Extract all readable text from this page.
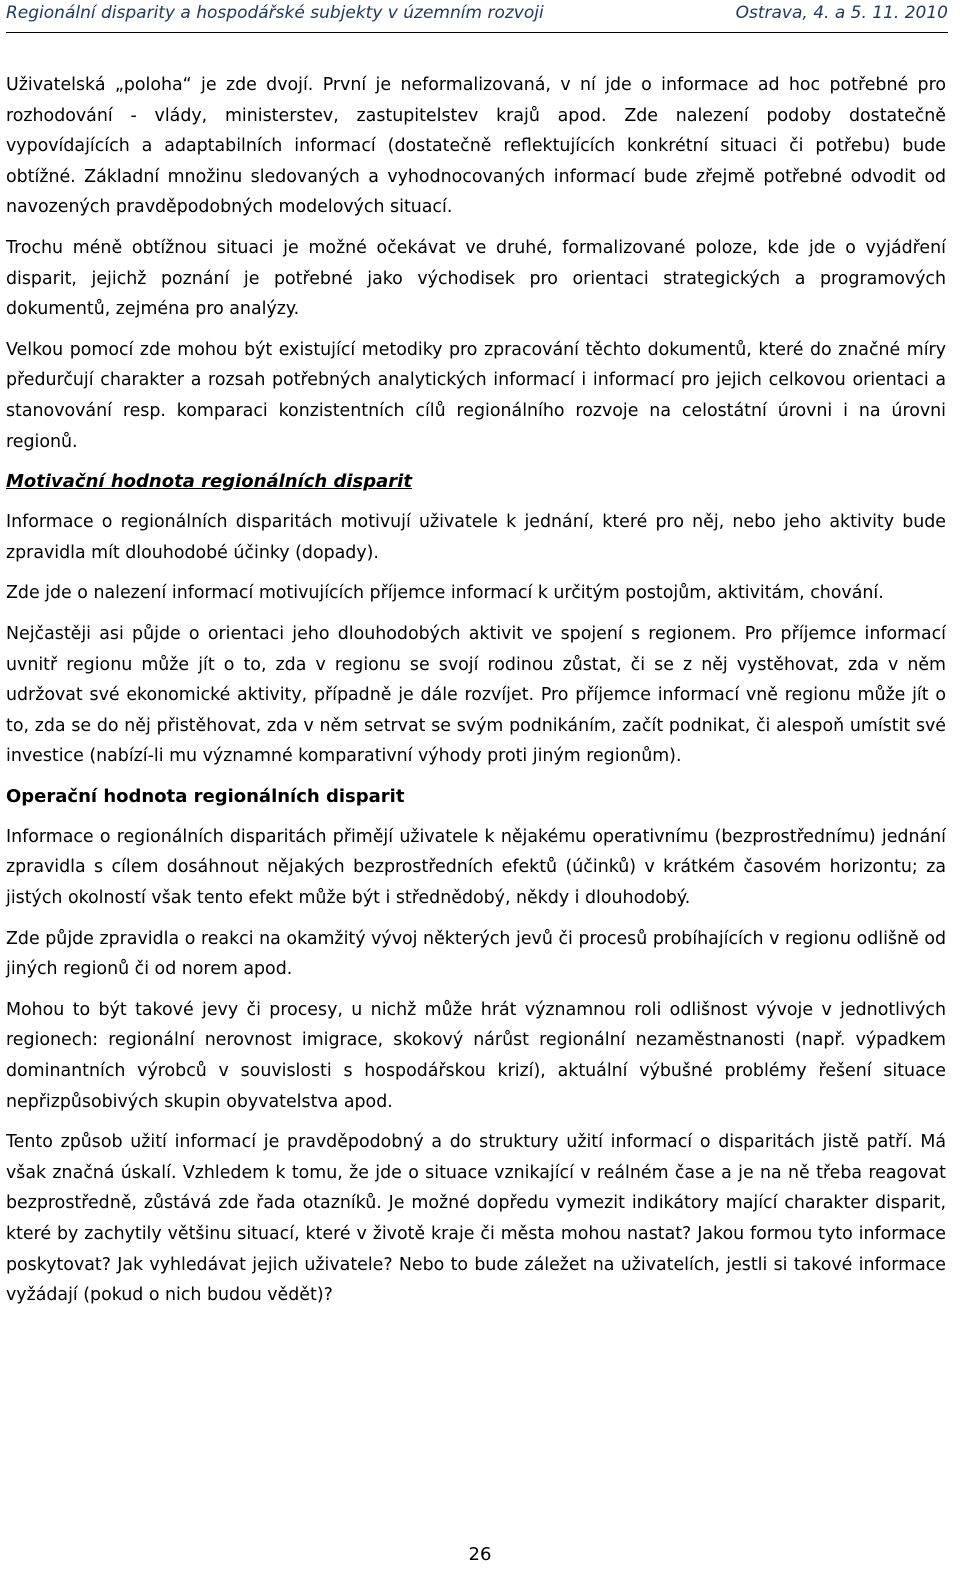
Regionální disparity a hospodářské subjekty v územním rozvoji	Ostrava, 4. a 5. 11. 2010

Uživatelská „poloha“ je zde dvojí. První je neformalizovaná, v ní jde o informace ad hoc potřebné pro rozhodování - vlády, ministerstev, zastupitelstev krajů apod. Zde nalezení podoby dostatečně vypovídajících a adaptabilních informací (dostatečně reflektujících konkrétní situaci či potřebu) bude obtížné. Základní množinu sledovaných a vyhodnocovaných informací bude zřejmě potřebné odvodit od navozených pravděpodobných modelových situací.

Trochu méně obtížnou situaci je možné očekávat ve druhé, formalizované poloze, kde jde o vyjádření disparit, jejichž poznání je potřebné jako východisek pro orientaci strategických a programových dokumentů, zejména pro analýzy.

Velkou pomocí zde mohou být existující metodiky pro zpracování těchto dokumentů, které do značné míry předurčují charakter a rozsah potřebných analytických informací i informací pro jejich celkovou orientaci a stanovování resp. komparaci konzistentních cílů regionálního rozvoje na celostátní úrovni i na úrovni regionů.

Motivační hodnota regionálních disparit

Informace o regionálních disparitách motivují uživatele k jednání, které pro něj, nebo jeho aktivity bude zpravidla mít dlouhodobé účinky (dopady).

Zde jde o nalezení informací motivujících příjemce informací k určitým postojům, aktivitám, chování.

Nejčastěji asi půjde o orientaci jeho dlouhodobých aktivit ve spojení s regionem. Pro příjemce informací uvnitř regionu může jít o to, zda v regionu se svojí rodinou zůstat, či se z něj vystěhovat, zda v něm udržovat své ekonomické aktivity, případně je dále rozvíjet. Pro příjemce informací vně regionu může jít o to, zda se do něj přistěhovat, zda v něm setrvat se svým podnikáním, začít podnikat, či alespoň umístit své investice (nabízí-li mu významné komparativní výhody proti jiným regionům).

Operační hodnota regionálních disparit

Informace o regionálních disparitách přimějí uživatele k nějakému operativnímu (bezprostřednímu) jednání zpravidla s cílem dosáhnout nějakých bezprostředních efektů (účinků) v krátkém časovém horizontu; za jistých okolností však tento efekt může být i střednědobý, někdy i dlouhodobý.

Zde půjde zpravidla o reakci na okamžitý vývoj některých jevů či procesů probíhajících v regionu odlišně od jiných regionů či od norem apod.

Mohou to být takové jevy či procesy, u nichž může hrát významnou roli odlišnost vývoje v jednotlivých regionech: regionální nerovnost imigrace, skokový nárůst regionální nezaměstnanosti (např. výpadkem dominantních výrobců v souvislosti s hospodářskou krizí), aktuální výbušné problémy řešení situace nepřizpůsobivých skupin obyvatelstva apod.

Tento způsob užití informací je pravděpodobný a do struktury užití informací o disparitách jistě patří. Má však značná úskalí. Vzhledem k tomu, že jde o situace vznikající v reálném čase a je na ně třeba reagovat bezprostředně, zůstává zde řada otazníků. Je možné dopředu vymezit indikátory mající charakter disparit, které by zachytily většinu situací, které v životě kraje či města mohou nastat? Jakou formou tyto informace poskytovat? Jak vyhledávat jejich uživatele? Nebo to bude záležet na uživatelích, jestli si takové informace vyžádají (pokud o nich budou vědět)?

26
